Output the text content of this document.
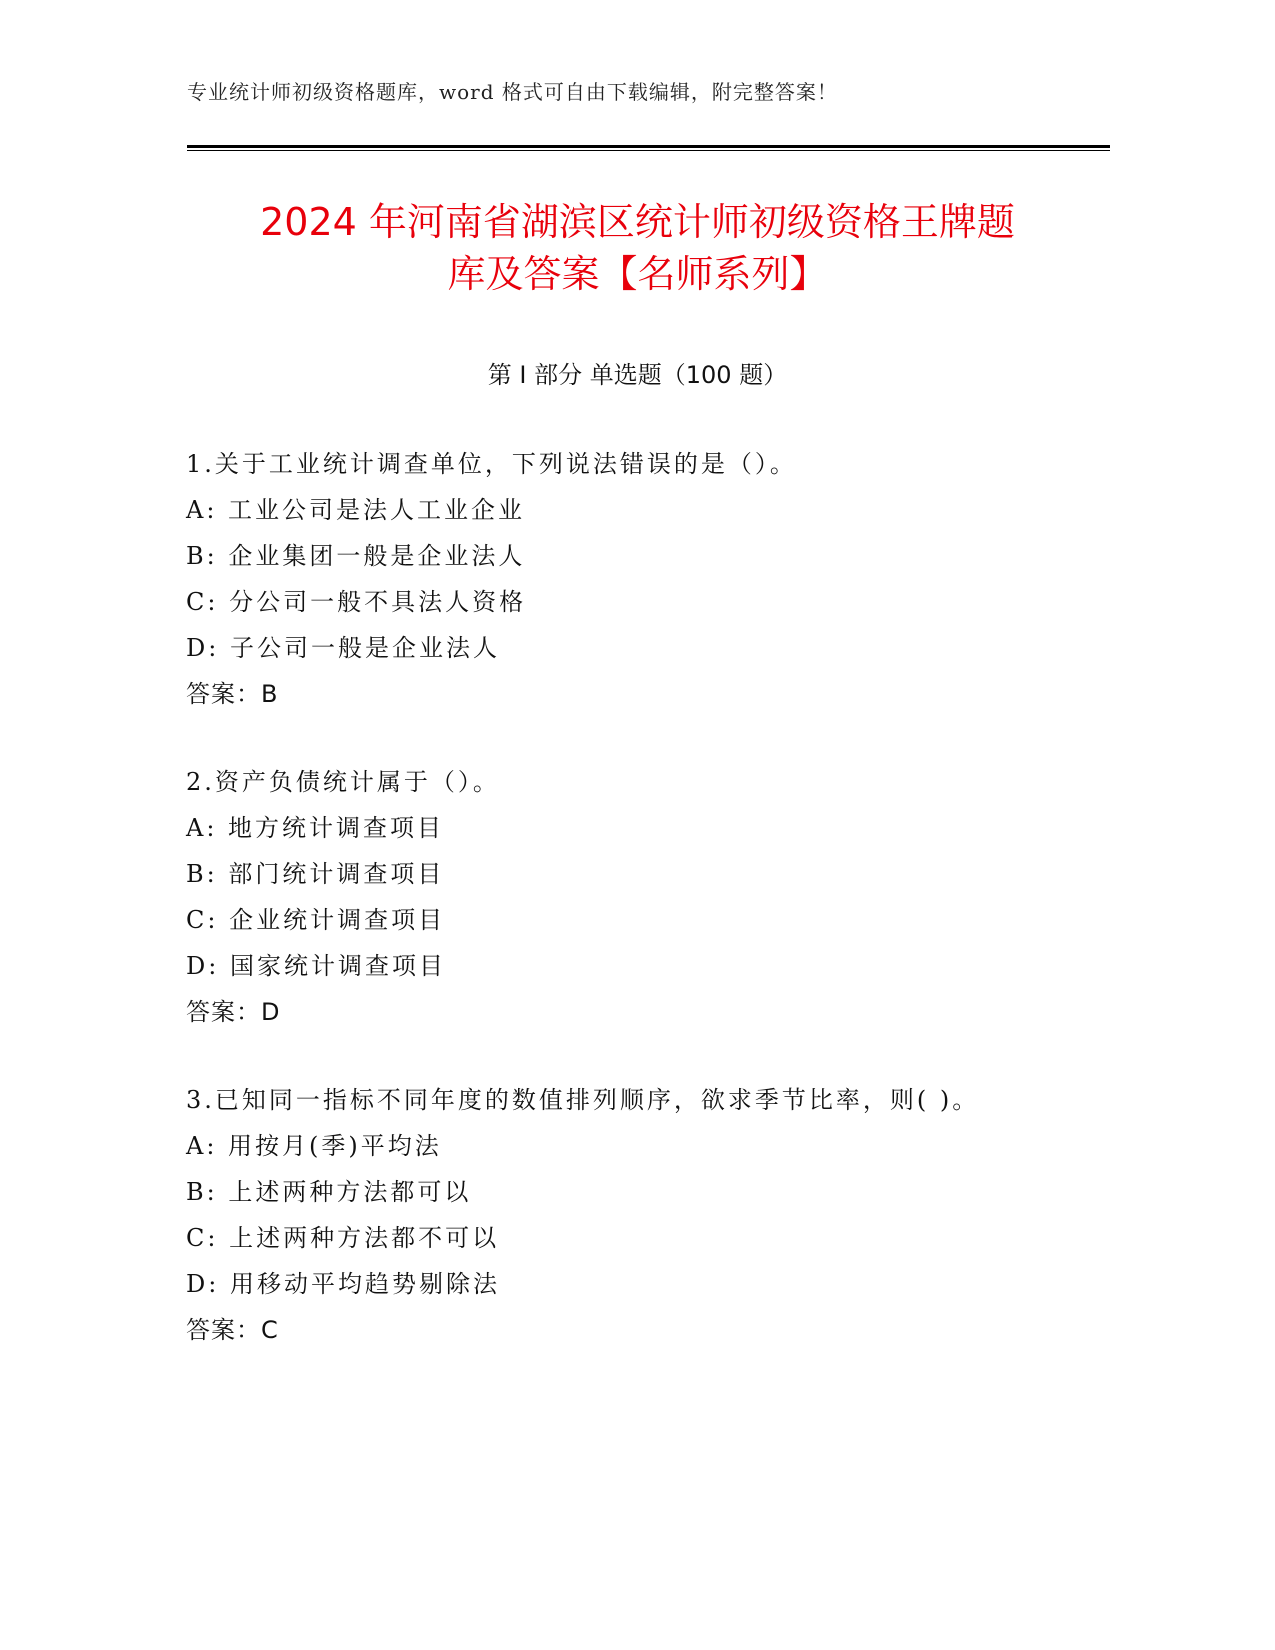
专业统计师初级资格题库，word 格式可自由下载编辑，附完整答案！
2024 年河南省湖滨区统计师初级资格王牌题
库及答案【名师系列】
第 I 部分 单选题（100 题）
1.关于工业统计调查单位，下列说法错误的是（）。
A: 工业公司是法人工业企业
B: 企业集团一般是企业法人
C: 分公司一般不具法人资格
D: 子公司一般是企业法人
答案：B
2.资产负债统计属于（）。
A: 地方统计调查项目
B: 部门统计调查项目
C: 企业统计调查项目
D: 国家统计调查项目
答案：D
3.已知同一指标不同年度的数值排列顺序，欲求季节比率，则( )。
A: 用按月(季)平均法
B: 上述两种方法都可以
C: 上述两种方法都不可以
D: 用移动平均趋势剔除法
答案：C
